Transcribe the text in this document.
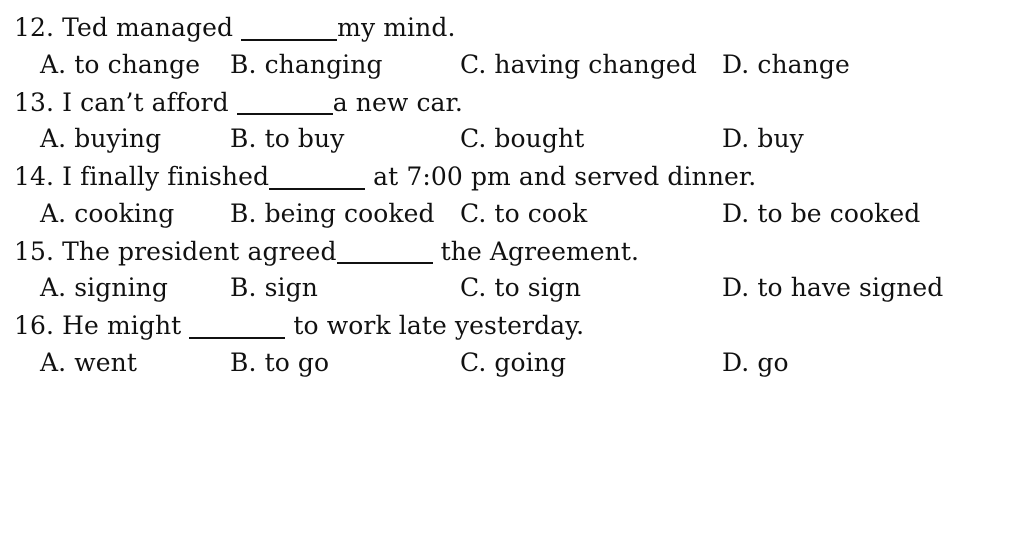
12. Ted managed	my mind.
A. to change	B. changing	C. having changed	D. change
13. I can’t afford	a new car.
A. buying	B. to buy	C. bought	D. buy
14. I finally finished	at 7:00 pm and served dinner.
A. cooking	B. being cooked	C. to cook	D. to be cooked
15. The president agreed	the Agreement.
A. signing	B. sign	C. to sign	D. to have signed
16. He might	to work late yesterday.
A. went	B. to go	C. going	D. go
